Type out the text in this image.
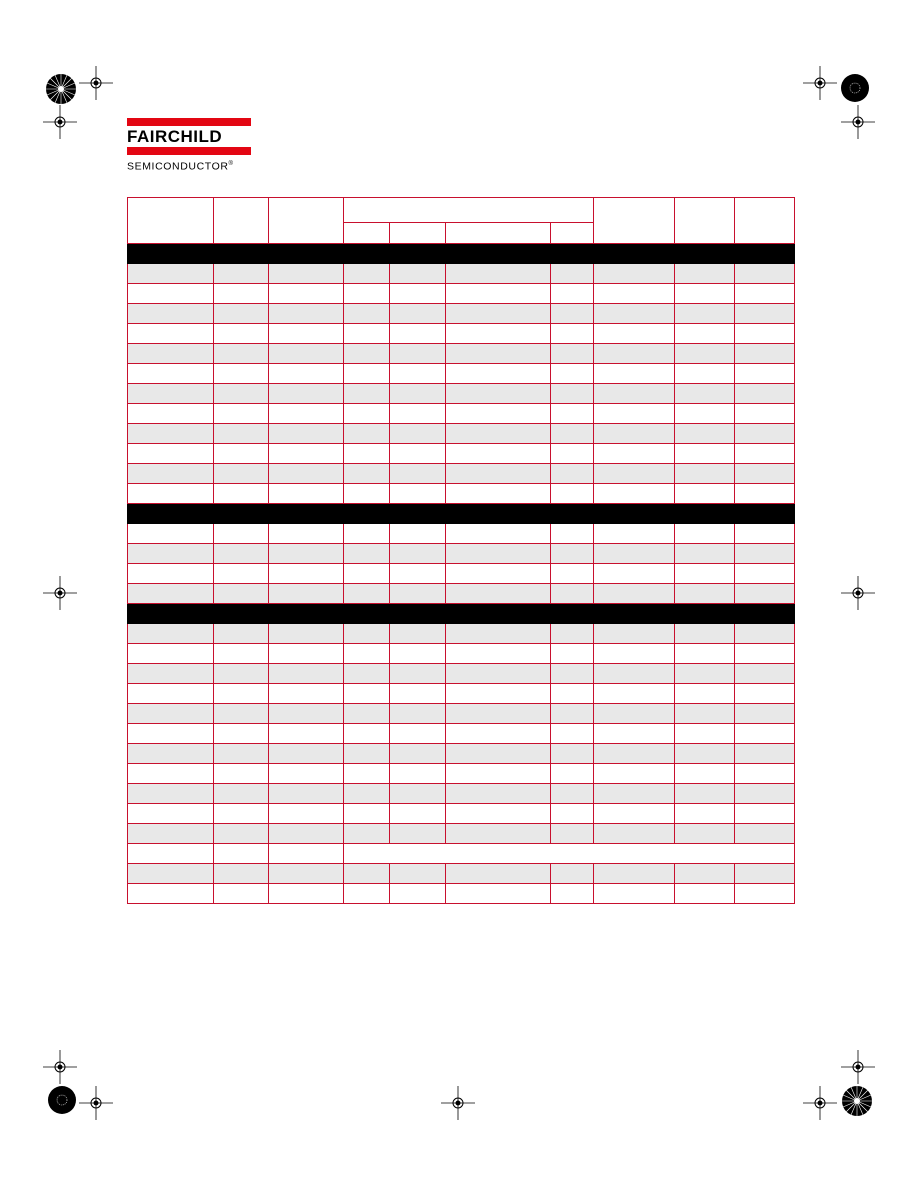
FAIRCHILD
SEMICONDUCTOR®
